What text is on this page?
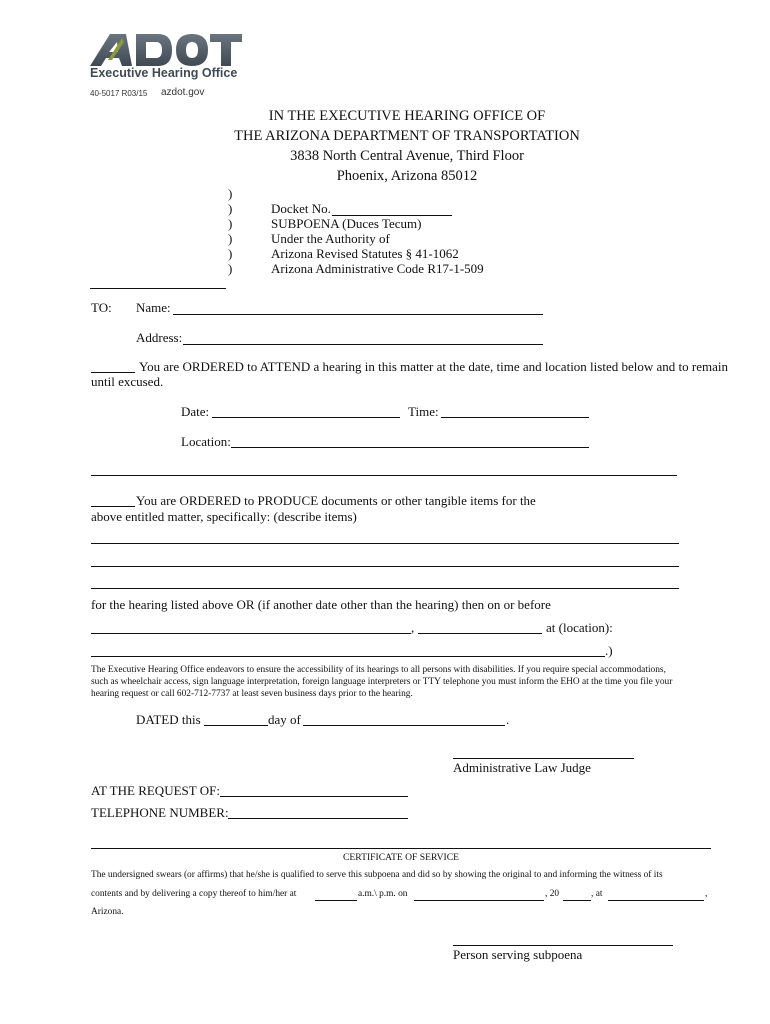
Executive Hearing Office
40-5017 R03/15 azdot.gov
IN THE EXECUTIVE HEARING OFFICE OF
THE ARIZONA DEPARTMENT OF TRANSPORTATION
3838 North Central Avenue, Third Floor
Phoenix, Arizona 85012
)
)
)
)
)
)
Docket No.
SUBPOENA (Duces Tecum)
Under the Authority of
Arizona Revised Statutes § 41-1062
Arizona Administrative Code R17-1-509
TO: Name:
Address:
You are ORDERED to ATTEND a hearing in this matter at the date, time and location listed below and to remain
until excused.
Date:	Time:
Location:
You are ORDERED to PRODUCE documents or other tangible items for the
above entitled matter, specifically: (describe items)
for the hearing listed above OR (if another date other than the hearing) then on or before
,	at (location):
.)
The Executive Hearing Office endeavors to ensure the accessibility of its hearings to all persons with disabilities. If you require special accommodations,
such as wheelchair access, sign language interpretation, foreign language interpreters or TTY telephone you must inform the EHO at the time you file your
hearing request or call 602-712-7737 at least seven business days prior to the hearing.
DATED this	day of	.
Administrative Law Judge
AT THE REQUEST OF:
TELEPHONE NUMBER:
CERTIFICATE OF SERVICE
The undersigned swears (or affirms) that he/she is qualified to serve this subpoena and did so by showing the original to and informing the witness of its
contents and by delivering a copy thereof to him/her at	a.m.\ p.m. on	, 20	, at	,
Arizona.
Person serving subpoena
